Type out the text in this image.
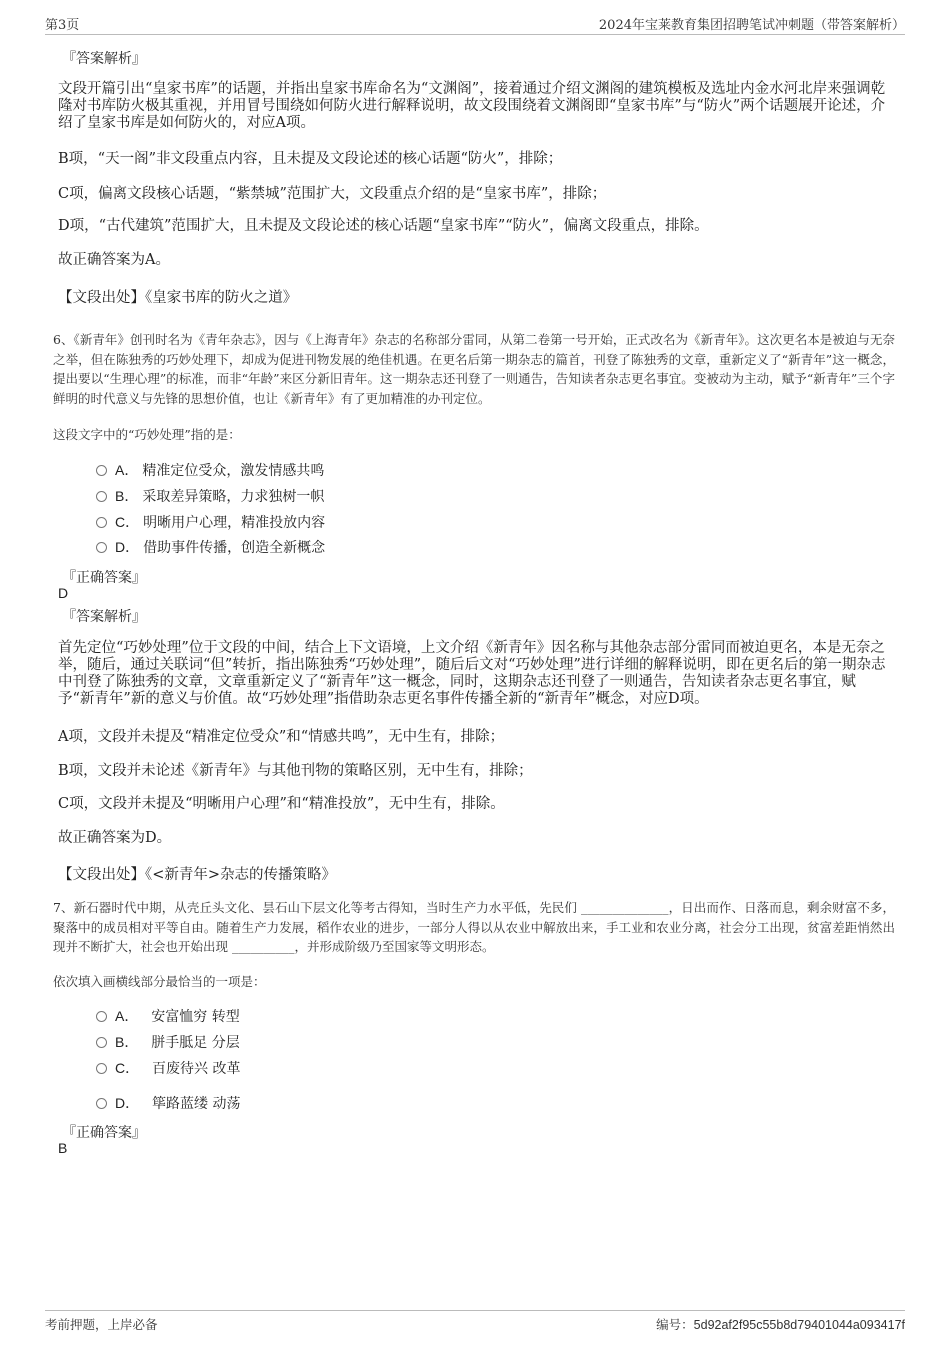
第3页	2024年宝莱教育集团招聘笔试冲刺题（带答案解析）
『答案解析』
文段开篇引出“皇家书库”的话题，并指出皇家书库命名为“文渊阁”，接着通过介绍文渊阁的建筑模板及选址内金水河北岸来强调乾隆对书库防火极其重视，并用冒号围绕如何防火进行解释说明，故文段围绕着文渊阁即“皇家书库”与“防火”两个话题展开论述，介绍了皇家书库是如何防火的，对应A项。
B项，“天一阁”非文段重点内容，且未提及文段论述的核心话题“防火”，排除；
C项，偏离文段核心话题，“紫禁城”范围扩大，文段重点介绍的是“皇家书库”，排除；
D项，“古代建筑”范围扩大，且未提及文段论述的核心话题“皇家书库”“防火”，偏离文段重点，排除。
故正确答案为A。
【文段出处】《皇家书库的防火之道》
6、《新青年》创刊时名为《青年杂志》，因与《上海青年》杂志的名称部分雷同，从第二卷第一号开始，正式改名为《新青年》。这次更名本是被迫与无奈之举，但在陈独秀的巧妙处理下，却成为促进刊物发展的绝佳机遇。在更名后第一期杂志的篇首，刊登了陈独秀的文章，重新定义了“新青年”这一概念，提出要以“生理心理”的标准，而非“年龄”来区分新旧青年。这一期杂志还刊登了一则通告，告知读者杂志更名事宜。变被动为主动，赋予“新青年”三个字鲜明的时代意义与先锋的思想价值，也让《新青年》有了更加精准的办刊定位。
这段文字中的“巧妙处理”指的是：
A． 精准定位受众，激发情感共鸣
B． 采取差异策略，力求独树一帜
C． 明晰用户心理，精准投放内容
D． 借助事件传播，创造全新概念
『正确答案』
D
『答案解析』
首先定位“巧妙处理”位于文段的中间，结合上下文语境，上文介绍《新青年》因名称与其他杂志部分雷同而被迫更名，本是无奈之举，随后，通过关联词“但”转折，指出陈独秀“巧妙处理”，随后后文对“巧妙处理”进行详细的解释说明，即在更名后的第一期杂志中刊登了陈独秀的文章，文章重新定义了“新青年”这一概念，同时，这期杂志还刊登了一则通告，告知读者杂志更名事宜，赋予“新青年”新的意义与价值。故“巧妙处理”指借助杂志更名事件传播全新的“新青年”概念，对应D项。
A项，文段并未提及“精准定位受众”和“情感共鸣”，无中生有，排除；
B项，文段并未论述《新青年》与其他刊物的策略区别，无中生有，排除；
C项，文段并未提及“明晰用户心理”和“精准投放”，无中生有，排除。
故正确答案为D。
【文段出处】《<新青年>杂志的传播策略》
7、新石器时代中期，从壳丘头文化、昙石山下层文化等考古得知，当时生产力水平低，先民们 ______________，日出而作、日落而息，剩余财富不多，聚落中的成员相对平等自由。随着生产力发展，稻作农业的进步，一部分人得以从农业中解放出来，手工业和农业分离，社会分工出现，贫富差距悄然出现并不断扩大，社会也开始出现 __________，并形成阶级乃至国家等文明形态。
依次填入画横线部分最恰当的一项是：
A． 安富恤穷 转型
B． 胼手胝足 分层
C． 百废待兴 改革
D． 筚路蓝缕 动荡
『正确答案』
B
考前押题，上岸必备	编号：5d92af2f95c55b8d79401044a093417f
